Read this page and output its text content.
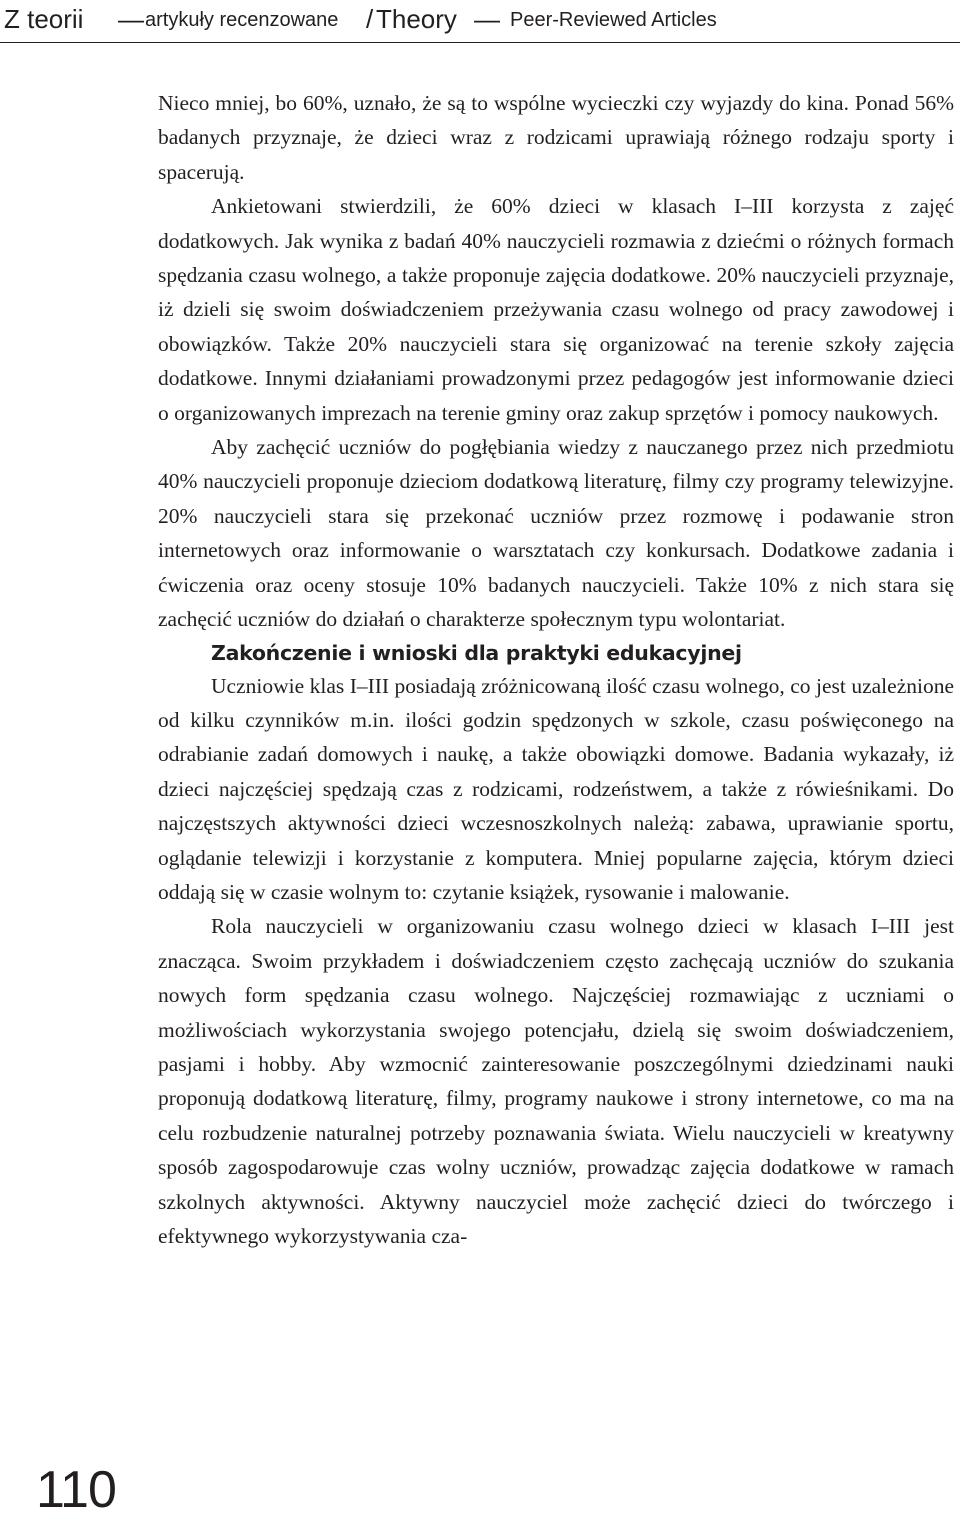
Z teorii — artykuły recenzowane / Theory — Peer-Reviewed Articles

Nieco mniej, bo 60%, uznało, że są to wspólne wycieczki czy wyjazdy do kina. Ponad 56% badanych przyznaje, że dzieci wraz z rodzicami uprawiają różnego rodzaju sporty i spacerują.

Ankietowani stwierdzili, że 60% dzieci w klasach I–III korzysta z zajęć dodatkowych. Jak wynika z badań 40% nauczycieli rozmawia z dziećmi o różnych formach spędzania czasu wolnego, a także proponuje zajęcia dodatkowe. 20% nauczycieli przyznaje, iż dzieli się swoim doświadczeniem przeżywania czasu wolnego od pracy zawodowej i obowiązków. Także 20% nauczycieli stara się organizować na terenie szkoły zajęcia dodatkowe. Innymi działaniami prowadzonymi przez pedagogów jest informowanie dzieci o organizowanych imprezach na terenie gminy oraz zakup sprzętów i pomocy naukowych.

Aby zachęcić uczniów do pogłębiania wiedzy z nauczanego przez nich przedmiotu 40% nauczycieli proponuje dzieciom dodatkową literaturę, filmy czy programy telewizyjne. 20% nauczycieli stara się przekonać uczniów przez rozmowę i podawanie stron internetowych oraz informowanie o warsztatach czy konkursach. Dodatkowe zadania i ćwiczenia oraz oceny stosuje 10% badanych nauczycieli. Także 10% z nich stara się zachęcić uczniów do działań o charakterze społecznym typu wolontariat.

Zakończenie i wnioski dla praktyki edukacyjnej

Uczniowie klas I–III posiadają zróżnicowaną ilość czasu wolnego, co jest uzależnione od kilku czynników m.in. ilości godzin spędzonych w szkole, czasu poświęconego na odrabianie zadań domowych i naukę, a także obowiązki domowe. Badania wykazały, iż dzieci najczęściej spędzają czas z rodzicami, rodzeństwem, a także z rówieśnikami. Do najczęstszych aktywności dzieci wczesnoszkolnych należą: zabawa, uprawianie sportu, oglądanie telewizji i korzystanie z komputera. Mniej popularne zajęcia, którym dzieci oddają się w czasie wolnym to: czytanie książek, rysowanie i malowanie.

Rola nauczycieli w organizowaniu czasu wolnego dzieci w klasach I–III jest znacząca. Swoim przykładem i doświadczeniem często zachęcają uczniów do szukania nowych form spędzania czasu wolnego. Najczęściej rozmawiając z uczniami o możliwościach wykorzystania swojego potencjału, dzielą się swoim doświadczeniem, pasjami i hobby. Aby wzmocnić zainteresowanie poszczególnymi dziedzinami nauki proponują dodatkową literaturę, filmy, programy naukowe i strony internetowe, co ma na celu rozbudzenie naturalnej potrzeby poznawania świata. Wielu nauczycieli w kreatywny sposób zagospodarowuje czas wolny uczniów, prowadząc zajęcia dodatkowe w ramach szkolnych aktywności. Aktywny nauczyciel może zachęcić dzieci do twórczego i efektywnego wykorzystywania cza-

110
